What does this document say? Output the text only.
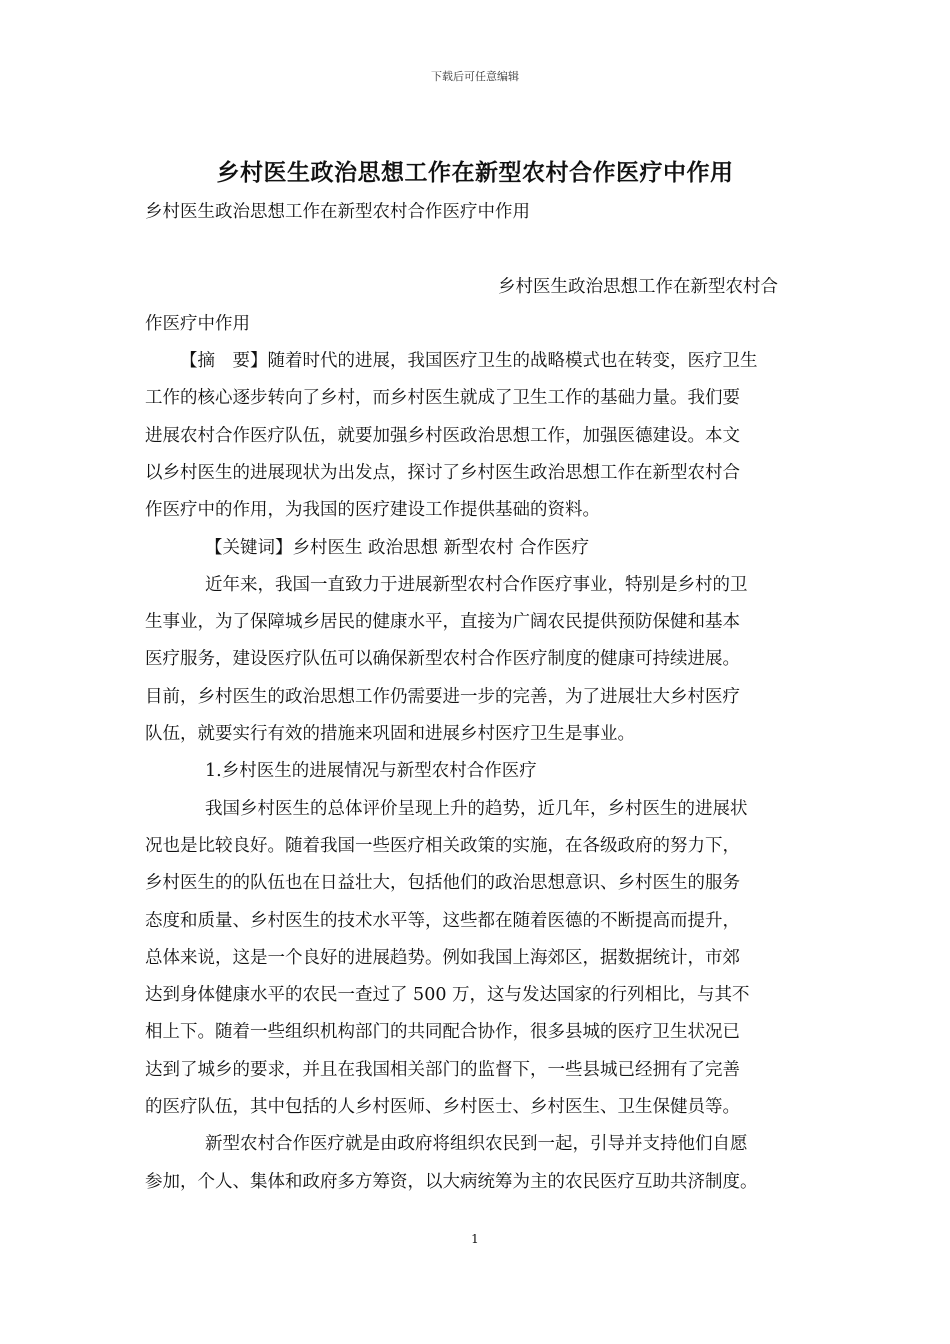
下载后可任意编辑
乡村医生政治思想工作在新型农村合作医疗中作用
乡村医生政治思想工作在新型农村合作医疗中作用
乡村医生政治思想工作在新型农村合
作医疗中作用
【摘　要】随着时代的进展，我国医疗卫生的战略模式也在转变，医疗卫生
工作的核心逐步转向了乡村，而乡村医生就成了卫生工作的基础力量。我们要
进展农村合作医疗队伍，就要加强乡村医政治思想工作，加强医德建设。本文
以乡村医生的进展现状为出发点，探讨了乡村医生政治思想工作在新型农村合
作医疗中的作用，为我国的医疗建设工作提供基础的资料。
【关键词】乡村医生 政治思想 新型农村 合作医疗
近年来，我国一直致力于进展新型农村合作医疗事业，特别是乡村的卫
生事业，为了保障城乡居民的健康水平，直接为广阔农民提供预防保健和基本
医疗服务，建设医疗队伍可以确保新型农村合作医疗制度的健康可持续进展。
目前，乡村医生的政治思想工作仍需要进一步的完善，为了进展壮大乡村医疗
队伍，就要实行有效的措施来巩固和进展乡村医疗卫生是事业。
1.乡村医生的进展情况与新型农村合作医疗
我国乡村医生的总体评价呈现上升的趋势，近几年，乡村医生的进展状
况也是比较良好。随着我国一些医疗相关政策的实施，在各级政府的努力下，
乡村医生的的队伍也在日益壮大，包括他们的政治思想意识、乡村医生的服务
态度和质量、乡村医生的技术水平等，这些都在随着医德的不断提高而提升，
总体来说，这是一个良好的进展趋势。例如我国上海郊区，据数据统计，市郊
达到身体健康水平的农民一查过了 500 万，这与发达国家的行列相比，与其不
相上下。随着一些组织机构部门的共同配合协作，很多县城的医疗卫生状况已
达到了城乡的要求，并且在我国相关部门的监督下，一些县城已经拥有了完善
的医疗队伍，其中包括的人乡村医师、乡村医士、乡村医生、卫生保健员等。
新型农村合作医疗就是由政府将组织农民到一起，引导并支持他们自愿
参加，个人、集体和政府多方筹资，以大病统筹为主的农民医疗互助共济制度。
1
